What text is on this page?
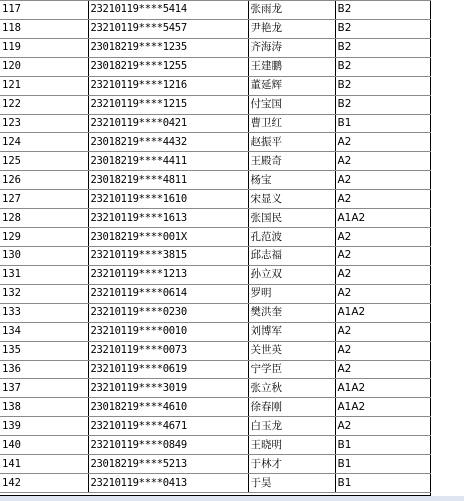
117	23210119****5414	张雨龙	B2
118	23210119****5457	尹艳龙	B2
119	23018219****1235	齐海涛	B2
120	23018219****1255	王建鹏	B2
121	23210119****1216	董延辉	B2
122	23210119****1215	付宝国	B2
123	23210119****0421	曹卫红	B1
124	23018219****4432	赵振平	A2
125	23018219****4411	王殿奇	A2
126	23018219****4811	杨宝	A2
127	23210119****1610	宋显义	A2
128	23210119****1613	张国民	A1A2
129	23018219****001X	孔范波	A2
130	23210119****3815	邱志福	A2
131	23210119****1213	孙立双	A2
132	23210119****0614	罗明	A2
133	23210119****0230	樊洪奎	A1A2
134	23210119****0010	刘博军	A2
135	23210119****0073	关世英	A2
136	23210119****0619	宁学臣	A2
137	23210119****3019	张立秋	A1A2
138	23018219****4610	徐春刚	A1A2
139	23210119****4671	白玉龙	A2
140	23210119****0849	王晓明	B1
141	23018219****5213	于林才	B1
142	23210119****0413	于昊	B1
